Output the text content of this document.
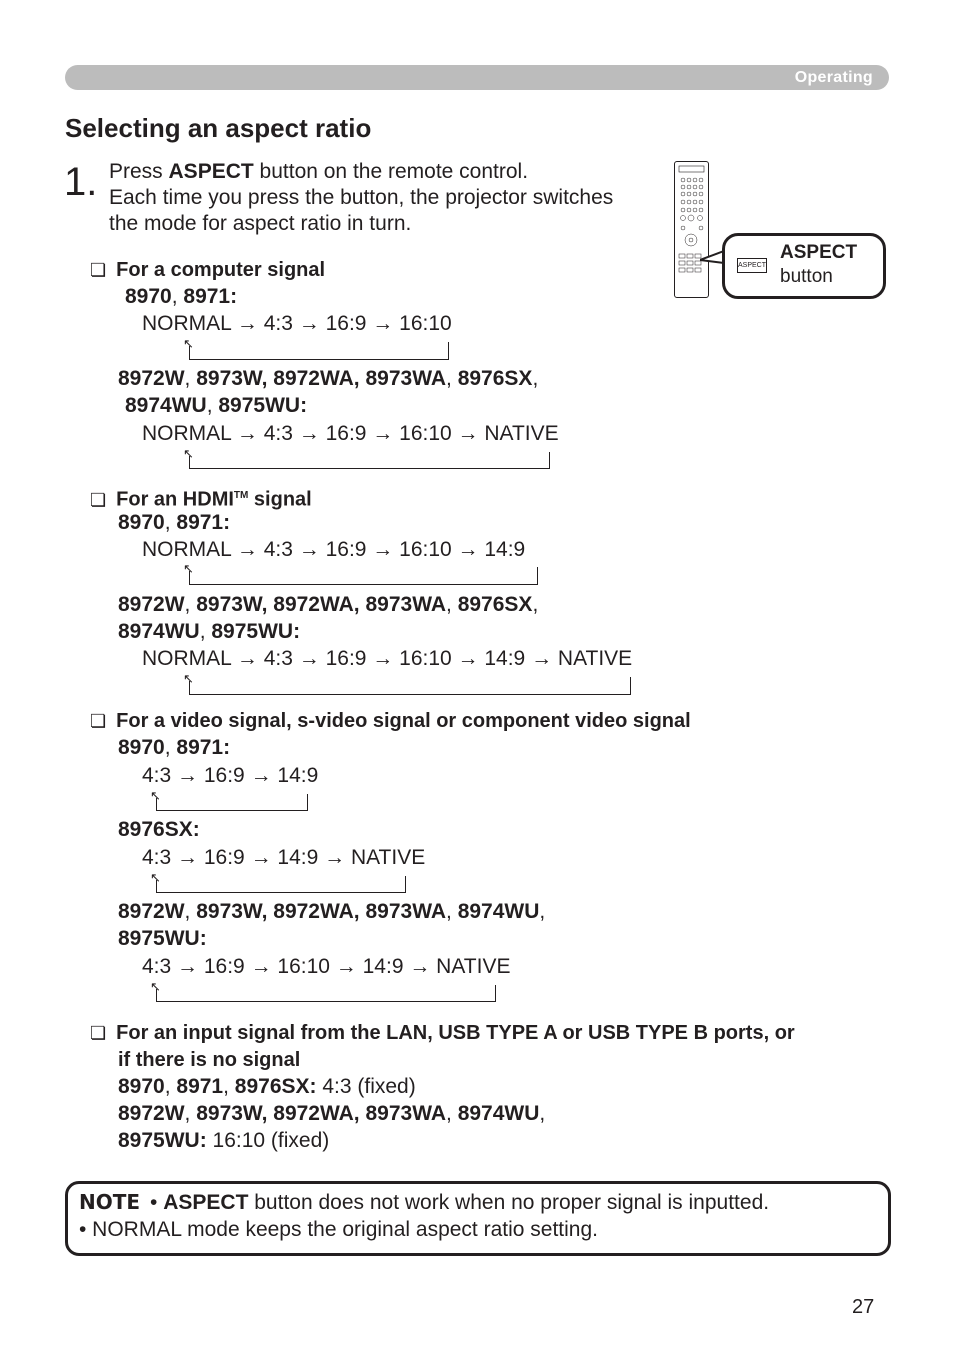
Operating
Selecting an aspect ratio
1. Press ASPECT button on the remote control.
Each time you press the button, the projector switches
the mode for aspect ratio in turn.
ASPECT
ASPECT
button
❏ For a computer signal
8970, 8971:
NORMAL → 4:3 → 16:9 → 16:10
↖
8972W, 8973W, 8972WA, 8973WA, 8976SX,
8974WU, 8975WU:
NORMAL → 4:3 → 16:9 → 16:10 → NATIVE
↖
❏ For an HDMI™ signal
8970, 8971:
NORMAL → 4:3 → 16:9 → 16:10 → 14:9
↖
8972W, 8973W, 8972WA, 8973WA, 8976SX,
8974WU, 8975WU:
NORMAL → 4:3 → 16:9 → 16:10 → 14:9 → NATIVE
↖
❏ For a video signal, s-video signal or component video signal
8970, 8971:
4:3 → 16:9 → 14:9
↖
8976SX:
4:3 → 16:9 → 14:9 → NATIVE
↖
8972W, 8973W, 8972WA, 8973WA, 8974WU,
8975WU:
4:3 → 16:9 → 16:10 → 14:9 → NATIVE
↖
❏ For an input signal from the LAN, USB TYPE A or USB TYPE B ports, or
if there is no signal
8970, 8971, 8976SX: 4:3 (fixed)
8972W, 8973W, 8972WA, 8973WA, 8974WU,
8975WU: 16:10 (fixed)
NOTE • ASPECT button does not work when no proper signal is inputted.
• NORMAL mode keeps the original aspect ratio setting.
27
